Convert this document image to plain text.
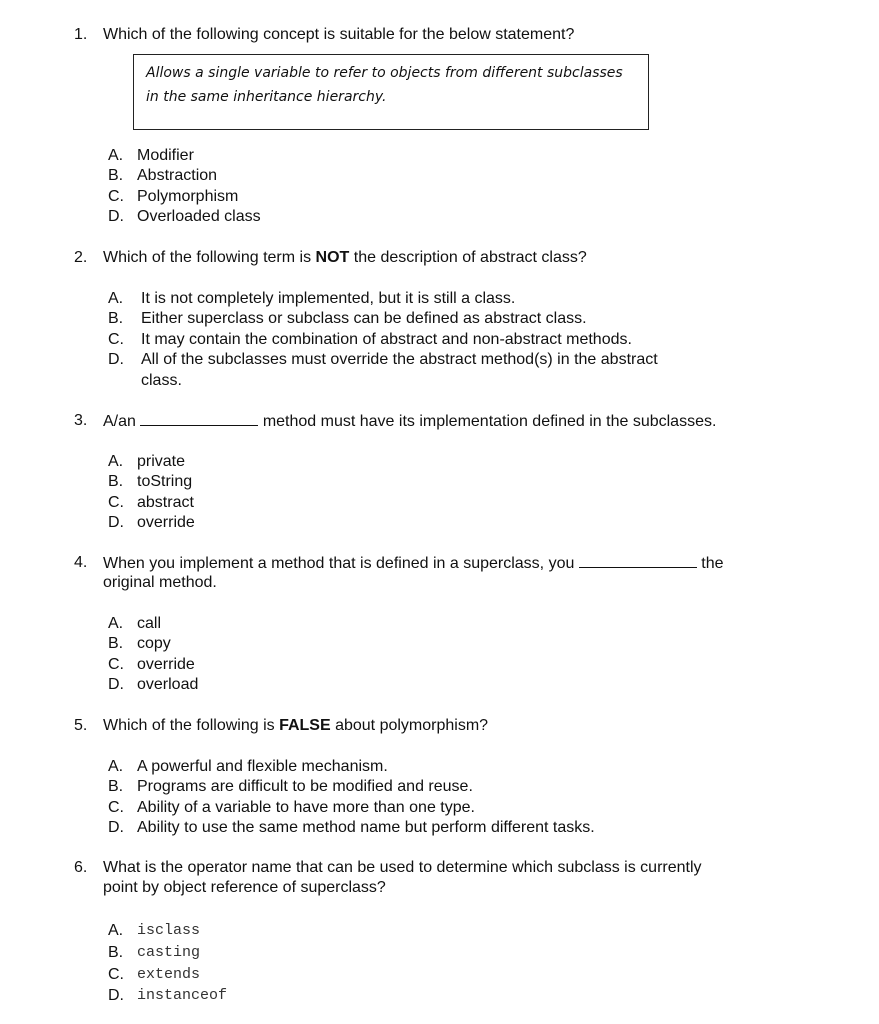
1. Which of the following concept is suitable for the below statement?
Allows a single variable to refer to objects from different subclasses
in the same inheritance hierarchy.
A. Modifier
B. Abstraction
C. Polymorphism
D. Overloaded class
2. Which of the following term is NOT the description of abstract class?
A. It is not completely implemented, but it is still a class.
B. Either superclass or subclass can be defined as abstract class.
C. It may contain the combination of abstract and non-abstract methods.
D. All of the subclasses must override the abstract method(s) in the abstract
class.
3. A/an	method must have its implementation defined in the subclasses.
A. private
B. toString
C. abstract
D. override
4. When you implement a method that is defined in a superclass, you	the
original method.
A. call
B. copy
C. override
D. overload
5. Which of the following is FALSE about polymorphism?
A. A powerful and flexible mechanism.
B. Programs are difficult to be modified and reuse.
C. Ability of a variable to have more than one type.
D. Ability to use the same method name but perform different tasks.
6. What is the operator name that can be used to determine which subclass is currently
point by object reference of superclass?
A. isclass
B. casting
C. extends
D. instanceof
